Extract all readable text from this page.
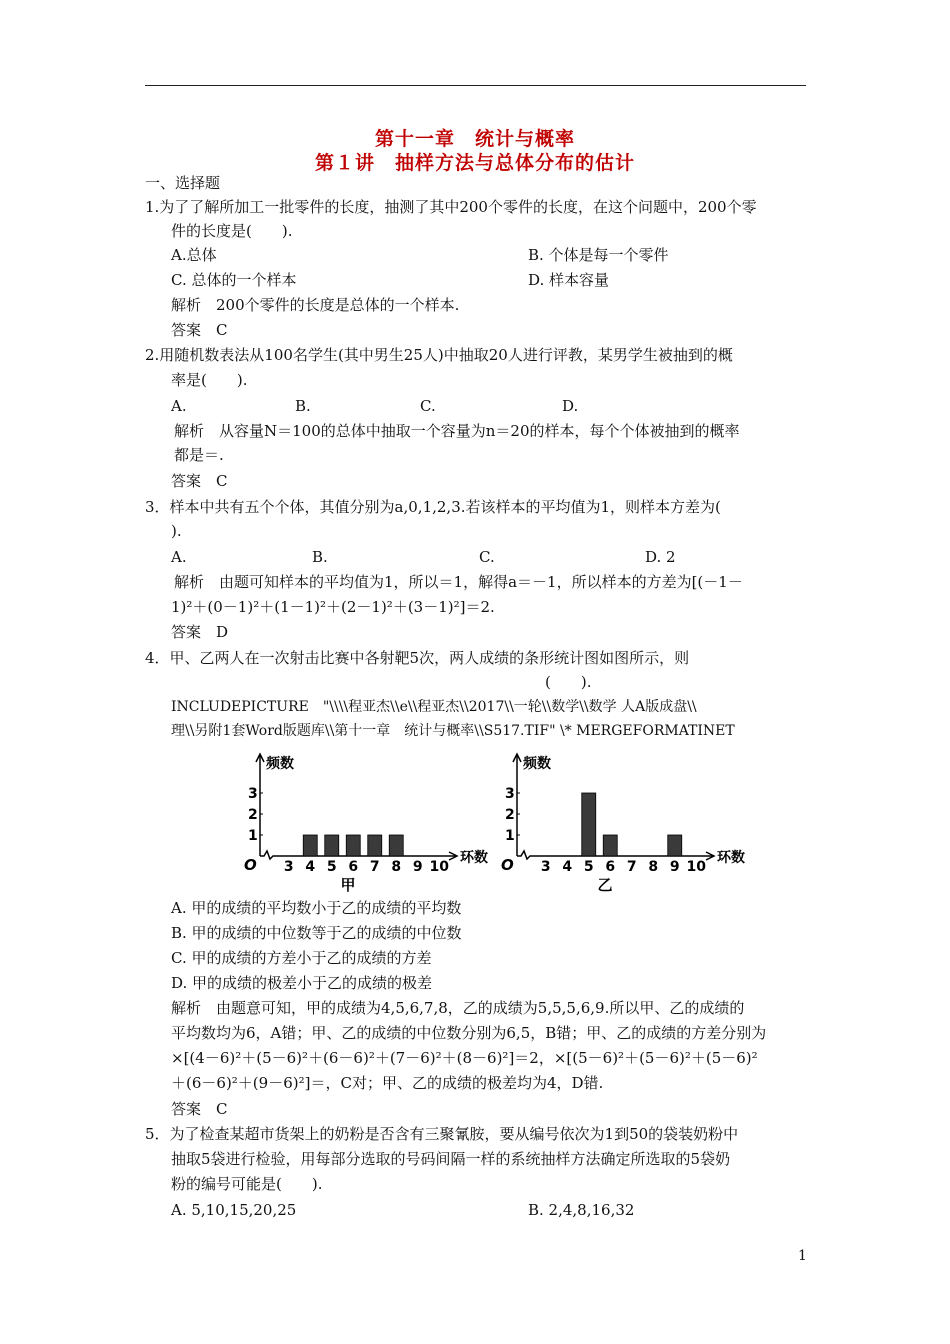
第十一章　统计与概率
第１讲　抽样方法与总体分布的估计
一、选择题
1.为了了解所加工一批零件的长度，抽测了其中200个零件的长度，在这个问题中，200个零
件的长度是(　　).
A.总体	B. 个体是每一个零件
C. 总体的一个样本	D. 样本容量
解析　200个零件的长度是总体的一个样本.
答案　C
2.用随机数表法从100名学生(其中男生25人)中抽取20人进行评教，某男学生被抽到的概
率是(　　).
A.	B.	C.	D.
解析　从容量N＝100的总体中抽取一个容量为n＝20的样本，每个个体被抽到的概率
都是＝.
答案　C
3．样本中共有五个个体，其值分别为a,0,1,2,3.若该样本的平均值为1，则样本方差为(
).
A.	B.	C.	D. 2
解析　由题可知样本的平均值为1，所以＝1，解得a＝－1，所以样本的方差为[(－1－
1)²＋(0－1)²＋(1－1)²＋(2－1)²＋(3－1)²]＝2.
答案　D
4．甲、乙两人在一次射击比赛中各射靶5次，两人成绩的条形统计图如图所示，则
(　　).
INCLUDEPICTURE　"\\\\程亚杰\\e\\程亚杰\\2017\\一轮\\数学\\数学 人A版成盘\\
理\\另附1套Word版题库\\第十一章　统计与概率\\S517.TIF" \* MERGEFORMATINET
频数
环数
O
1
2
3
3 4 5 6 7 8 9 10
甲
频数
环数
O
1
2
3
3 4 5 6 7 8 9 10
乙
A. 甲的成绩的平均数小于乙的成绩的平均数
B. 甲的成绩的中位数等于乙的成绩的中位数
C. 甲的成绩的方差小于乙的成绩的方差
D. 甲的成绩的极差小于乙的成绩的极差
解析　由题意可知，甲的成绩为4,5,6,7,8，乙的成绩为5,5,5,6,9.所以甲、乙的成绩的
平均数均为6，A错；甲、乙的成绩的中位数分别为6,5，B错；甲、乙的成绩的方差分别为
×[(4－6)²＋(5－6)²＋(6－6)²＋(7－6)²＋(8－6)²]＝2，×[(5－6)²＋(5－6)²＋(5－6)²
＋(6－6)²＋(9－6)²]＝，C对；甲、乙的成绩的极差均为4，D错.
答案　C
5．为了检查某超市货架上的奶粉是否含有三聚氰胺，要从编号依次为1到50的袋装奶粉中
抽取5袋进行检验，用每部分选取的号码间隔一样的系统抽样方法确定所选取的5袋奶
粉的编号可能是(　　).
A. 5,10,15,20,25	B. 2,4,8,16,32
1
